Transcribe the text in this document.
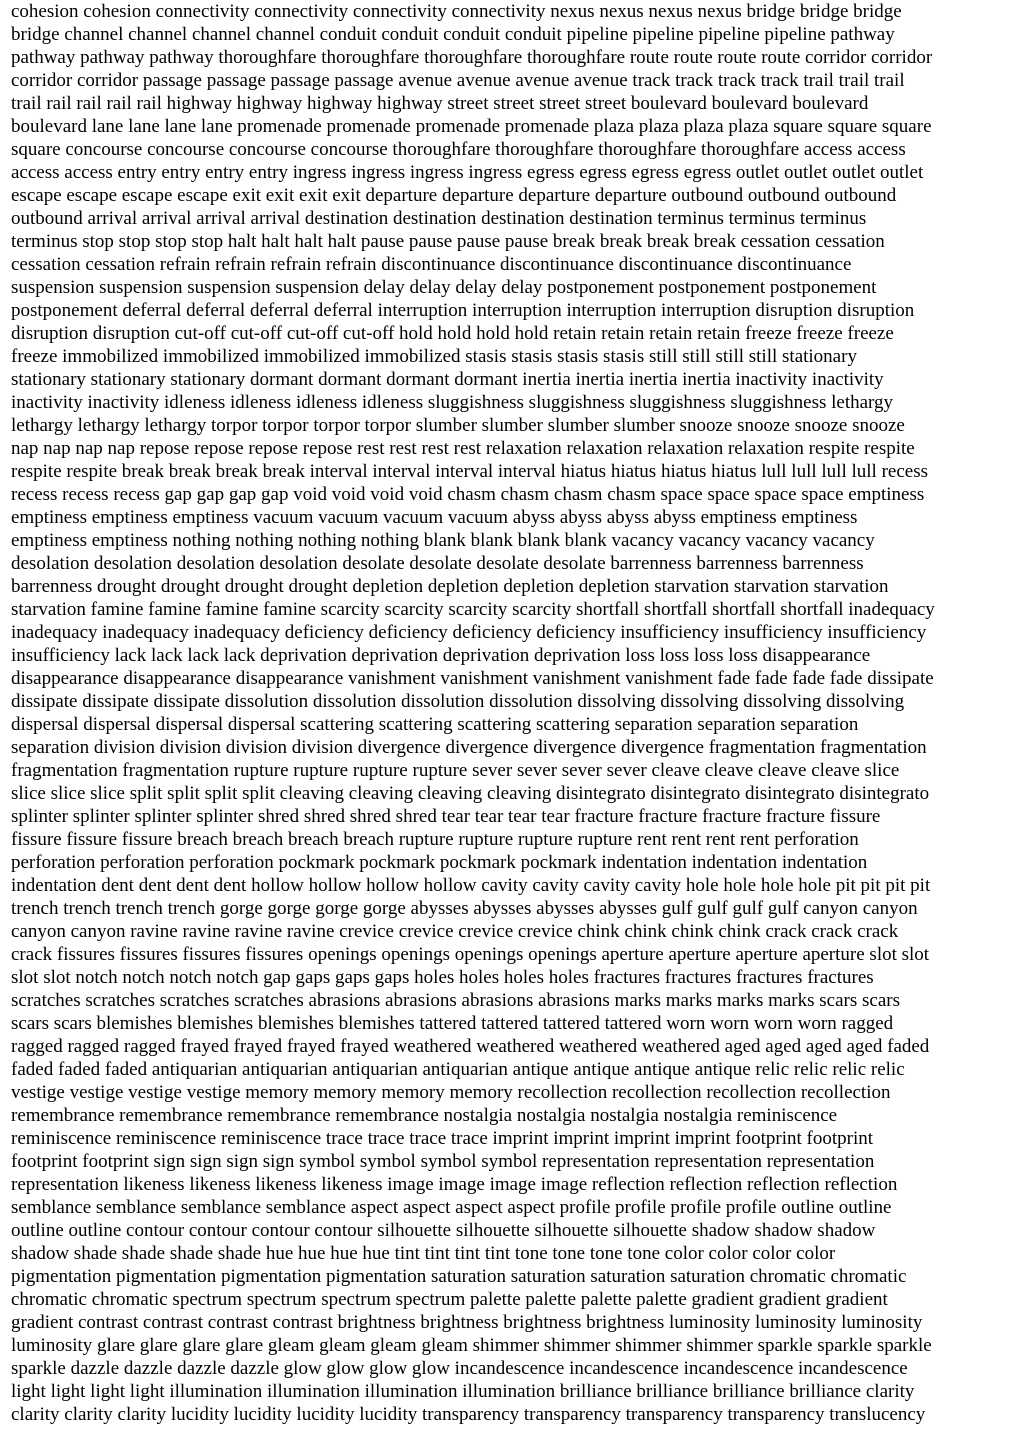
cohesion cohesion connectivity connectivity connectivity connectivity nexus nexus nexus nexus bridge bridge bridge
bridge channel channel channel channel conduit conduit conduit conduit pipeline pipeline pipeline pipeline pathway
pathway pathway pathway thoroughfare thoroughfare thoroughfare thoroughfare route route route route corridor corridor
corridor corridor passage passage passage passage avenue avenue avenue avenue track track track track trail trail trail
trail rail rail rail rail highway highway highway highway street street street street boulevard boulevard boulevard
boulevard lane lane lane lane promenade promenade promenade promenade plaza plaza plaza plaza square square square
square concourse concourse concourse concourse thoroughfare thoroughfare thoroughfare thoroughfare access access
access access entry entry entry entry ingress ingress ingress ingress egress egress egress egress outlet outlet outlet outlet
escape escape escape escape exit exit exit exit departure departure departure departure outbound outbound outbound
outbound arrival arrival arrival arrival destination destination destination destination terminus terminus terminus
terminus stop stop stop stop halt halt halt halt pause pause pause pause break break break break cessation cessation
cessation cessation refrain refrain refrain refrain discontinuance discontinuance discontinuance discontinuance
suspension suspension suspension suspension delay delay delay delay postponement postponement postponement
postponement deferral deferral deferral deferral interruption interruption interruption interruption disruption disruption
disruption disruption cut-off cut-off cut-off cut-off hold hold hold hold retain retain retain retain freeze freeze freeze
freeze immobilized immobilized immobilized immobilized stasis stasis stasis stasis still still still still stationary
stationary stationary stationary dormant dormant dormant dormant inertia inertia inertia inertia inactivity inactivity
inactivity inactivity idleness idleness idleness idleness sluggishness sluggishness sluggishness sluggishness lethargy
lethargy lethargy lethargy torpor torpor torpor torpor slumber slumber slumber slumber snooze snooze snooze snooze
nap nap nap nap repose repose repose repose rest rest rest rest relaxation relaxation relaxation relaxation respite respite
respite respite break break break break interval interval interval interval hiatus hiatus hiatus hiatus lull lull lull lull recess
recess recess recess gap gap gap gap void void void void chasm chasm chasm chasm space space space space emptiness
emptiness emptiness emptiness vacuum vacuum vacuum vacuum abyss abyss abyss abyss emptiness emptiness
emptiness emptiness nothing nothing nothing nothing blank blank blank blank vacancy vacancy vacancy vacancy
desolation desolation desolation desolation desolate desolate desolate desolate barrenness barrenness barrenness
barrenness drought drought drought drought depletion depletion depletion depletion starvation starvation starvation
starvation famine famine famine famine scarcity scarcity scarcity scarcity shortfall shortfall shortfall shortfall inadequacy
inadequacy inadequacy inadequacy deficiency deficiency deficiency deficiency insufficiency insufficiency insufficiency
insufficiency lack lack lack lack deprivation deprivation deprivation deprivation loss loss loss loss disappearance
disappearance disappearance disappearance vanishment vanishment vanishment vanishment fade fade fade fade dissipate
dissipate dissipate dissipate dissolution dissolution dissolution dissolution dissolving dissolving dissolving dissolving
dispersal dispersal dispersal dispersal scattering scattering scattering scattering separation separation separation
separation division division division division divergence divergence divergence divergence fragmentation fragmentation
fragmentation fragmentation rupture rupture rupture rupture sever sever sever sever cleave cleave cleave cleave slice
slice slice slice split split split split cleaving cleaving cleaving cleaving disintegrato disintegrato disintegrato disintegrato
splinter splinter splinter splinter shred shred shred shred tear tear tear tear fracture fracture fracture fracture fissure
fissure fissure fissure breach breach breach breach rupture rupture rupture rupture rent rent rent rent perforation
perforation perforation perforation pockmark pockmark pockmark pockmark indentation indentation indentation
indentation dent dent dent dent hollow hollow hollow hollow cavity cavity cavity cavity hole hole hole hole pit pit pit pit
trench trench trench trench gorge gorge gorge gorge abysses abysses abysses abysses gulf gulf gulf gulf canyon canyon
canyon canyon ravine ravine ravine ravine crevice crevice crevice crevice chink chink chink chink crack crack crack
crack fissures fissures fissures fissures openings openings openings openings aperture aperture aperture aperture slot slot
slot slot notch notch notch notch gap gaps gaps gaps holes holes holes holes fractures fractures fractures fractures
scratches scratches scratches scratches abrasions abrasions abrasions abrasions marks marks marks marks scars scars
scars scars blemishes blemishes blemishes blemishes tattered tattered tattered tattered worn worn worn worn ragged
ragged ragged ragged frayed frayed frayed frayed weathered weathered weathered weathered aged aged aged aged faded
faded faded faded antiquarian antiquarian antiquarian antiquarian antique antique antique antique relic relic relic relic
vestige vestige vestige vestige memory memory memory memory recollection recollection recollection recollection
remembrance remembrance remembrance remembrance nostalgia nostalgia nostalgia nostalgia reminiscence
reminiscence reminiscence reminiscence trace trace trace trace imprint imprint imprint imprint footprint footprint
footprint footprint sign sign sign sign symbol symbol symbol symbol representation representation representation
representation likeness likeness likeness likeness image image image image reflection reflection reflection reflection
semblance semblance semblance semblance aspect aspect aspect aspect profile profile profile profile outline outline
outline outline contour contour contour contour silhouette silhouette silhouette silhouette shadow shadow shadow
shadow shade shade shade shade hue hue hue hue tint tint tint tint tone tone tone tone color color color color
pigmentation pigmentation pigmentation pigmentation saturation saturation saturation saturation chromatic chromatic
chromatic chromatic spectrum spectrum spectrum spectrum palette palette palette palette gradient gradient gradient
gradient contrast contrast contrast contrast brightness brightness brightness brightness luminosity luminosity luminosity
luminosity glare glare glare glare gleam gleam gleam gleam shimmer shimmer shimmer shimmer sparkle sparkle sparkle
sparkle dazzle dazzle dazzle dazzle glow glow glow glow incandescence incandescence incandescence incandescence
light light light light illumination illumination illumination illumination brilliance brilliance brilliance brilliance clarity
clarity clarity clarity lucidity lucidity lucidity lucidity transparency transparency transparency transparency translucency
